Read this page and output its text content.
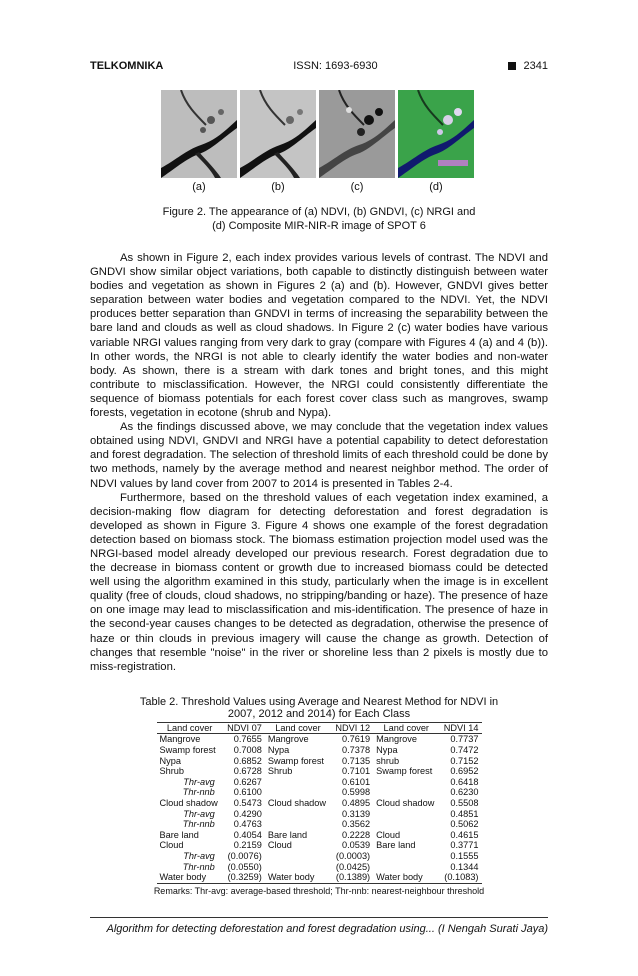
TELKOMNIKA	ISSN: 1693-6930	2341
(a)	(b)	(c)	(d)
Figure 2. The appearance of (a) NDVI, (b) GNDVI, (c) NRGI and
(d) Composite MIR-NIR-R image of SPOT 6

As shown in Figure 2, each index provides various levels of contrast. The NDVI and GNDVI show similar object variations, both capable to distinctly distinguish between water bodies and vegetation as shown in Figures 2 (a) and (b). However, GNDVI gives better separation between water bodies and vegetation compared to the NDVI. Yet, the NDVI produces better separation than GNDVI in terms of increasing the separability between the bare land and clouds as well as cloud shadows. In Figure 2 (c) water bodies have various variable NRGI values ranging from very dark to gray (compare with Figures 4 (a) and 4 (b)). In other words, the NRGI is not able to clearly identify the water bodies and non-water body. As shown, there is a stream with dark tones and bright tones, and this might contribute to misclassification. However, the NRGI could consistently differentiate the sequence of biomass potentials for each forest cover class such as mangroves, swamp forests, vegetation in ecotone (shrub and Nypa).

As the findings discussed above, we may conclude that the vegetation index values obtained using NDVI, GNDVI and NRGI have a potential capability to detect deforestation and forest degradation. The selection of threshold limits of each threshold could be done by two methods, namely by the average method and nearest neighbor method. The order of NDVI values by land cover from 2007 to 2014 is presented in Tables 2-4.

Furthermore, based on the threshold values of each vegetation index examined, a decision-making flow diagram for detecting deforestation and forest degradation is developed as shown in Figure 3. Figure 4 shows one example of the forest degradation detection based on biomass stock. The biomass estimation projection model used was the NRGI-based model already developed our previous research. Forest degradation due to the decrease in biomass content or growth due to increased biomass could be detected well using the algorithm examined in this study, particularly when the image is in excellent quality (free of clouds, cloud shadows, no stripping/banding or haze). The presence of haze on one image may lead to misclassification and mis-identification. The presence of haze in the second-year causes changes to be detected as degradation, otherwise the presence of haze or thin clouds in previous imagery will cause the change as growth. Detection of changes that resemble "noise" in the river or shoreline less than 2 pixels is mostly due to miss-registration.

Table 2. Threshold Values using Average and Nearest Method for NDVI in
2007, 2012 and 2014) for Each Class
Land cover	NDVI 07	Land cover	NDVI 12	Land cover	NDVI 14
Mangrove	0.7655	Mangrove	0.7619	Mangrove	0.7737
Swamp forest	0.7008	Nypa	0.7378	Nypa	0.7472
Nypa	0.6852	Swamp forest	0.7135	shrub	0.7152
Shrub	0.6728	Shrub	0.7101	Swamp forest	0.6952
Thr-avg	0.6267		0.6101		0.6418
Thr-nnb	0.6100		0.5998		0.6230
Cloud shadow	0.5473	Cloud shadow	0.4895	Cloud shadow	0.5508
Thr-avg	0.4290		0.3139		0.4851
Thr-nnb	0.4763		0.3562		0.5062
Bare land	0.4054	Bare land	0.2228	Cloud	0.4615
Cloud	0.2159	Cloud	0.0539	Bare land	0.3771
Thr-avg	(0.0076)		(0.0003)		0.1555
Thr-nnb	(0.0550)		(0.0425)		0.1344
Water body	(0.3259)	Water body	(0.1389)	Water body	(0.1083)
Remarks: Thr-avg: average-based threshold; Thr-nnb: nearest-neighbour threshold
Algorithm for detecting deforestation and forest degradation using... (I Nengah Surati Jaya)
